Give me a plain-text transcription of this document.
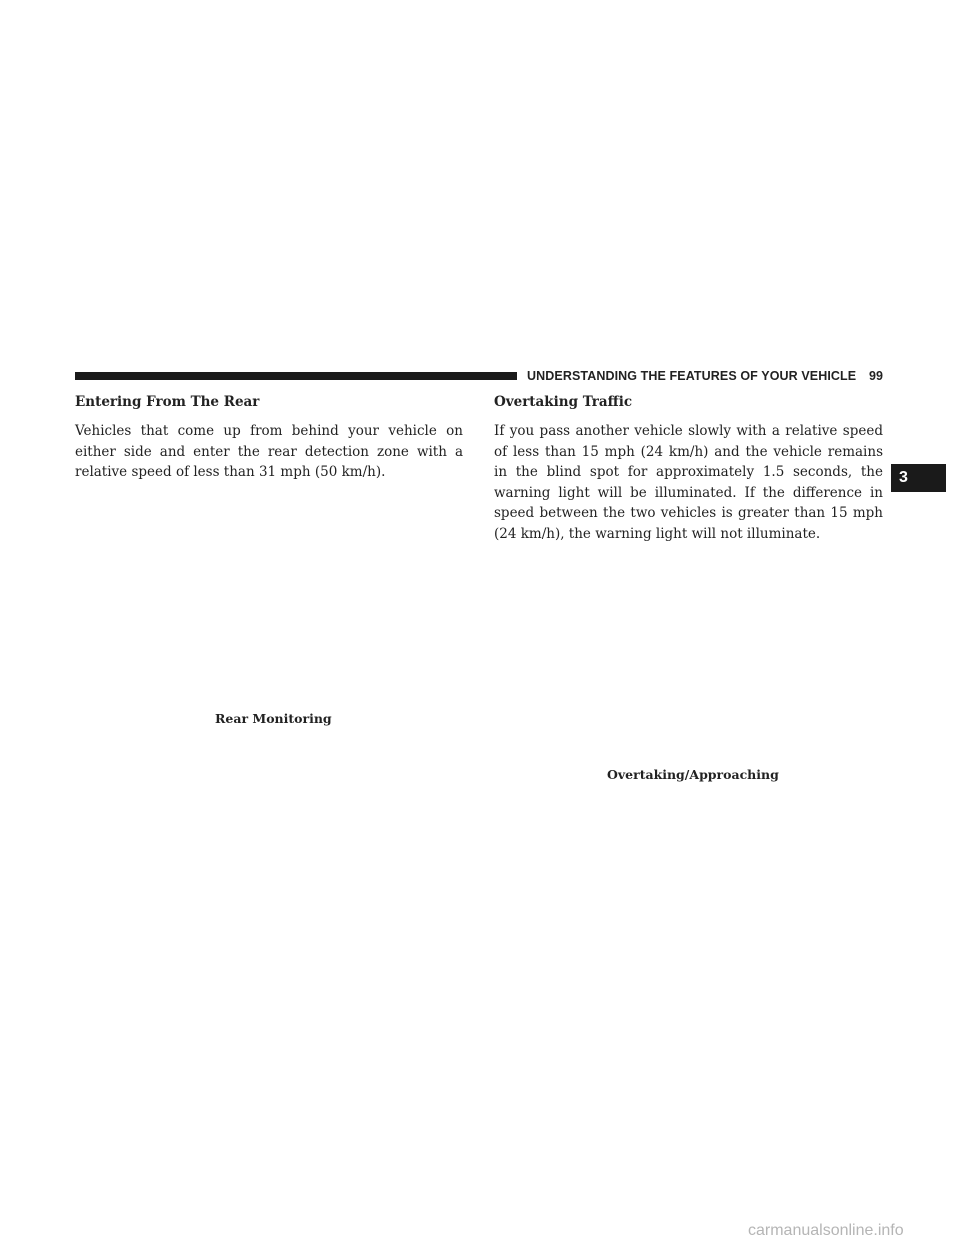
UNDERSTANDING THE FEATURES OF YOUR VEHICLE 99
3

Entering From The Rear

Vehicles that come up from behind your vehicle on either side and enter the rear detection zone with a relative speed of less than 31 mph (50 km/h).

Overtaking Traffic

If you pass another vehicle slowly with a relative speed of less than 15 mph (24 km/h) and the vehicle remains in the blind spot for approximately 1.5 seconds, the warning light will be illuminated. If the difference in speed between the two vehicles is greater than 15 mph (24 km/h), the warning light will not illuminate.

Rear Monitoring
Overtaking/Approaching
carmanualsonline.info
